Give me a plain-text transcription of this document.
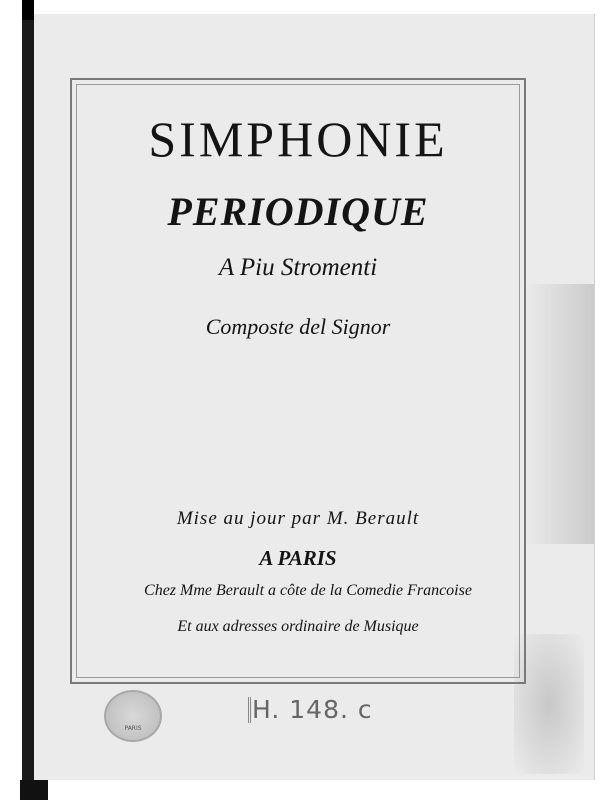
SIMPHONIE
PERIODIQUE
A Piu Stromenti
Composte del Signor
Mise au jour par M. Berault
A PARIS
Chez Mme Berault a côte de la Comedie Francoise
Et aux adresses ordinaire de Musique
PARIS
H. 148. c
